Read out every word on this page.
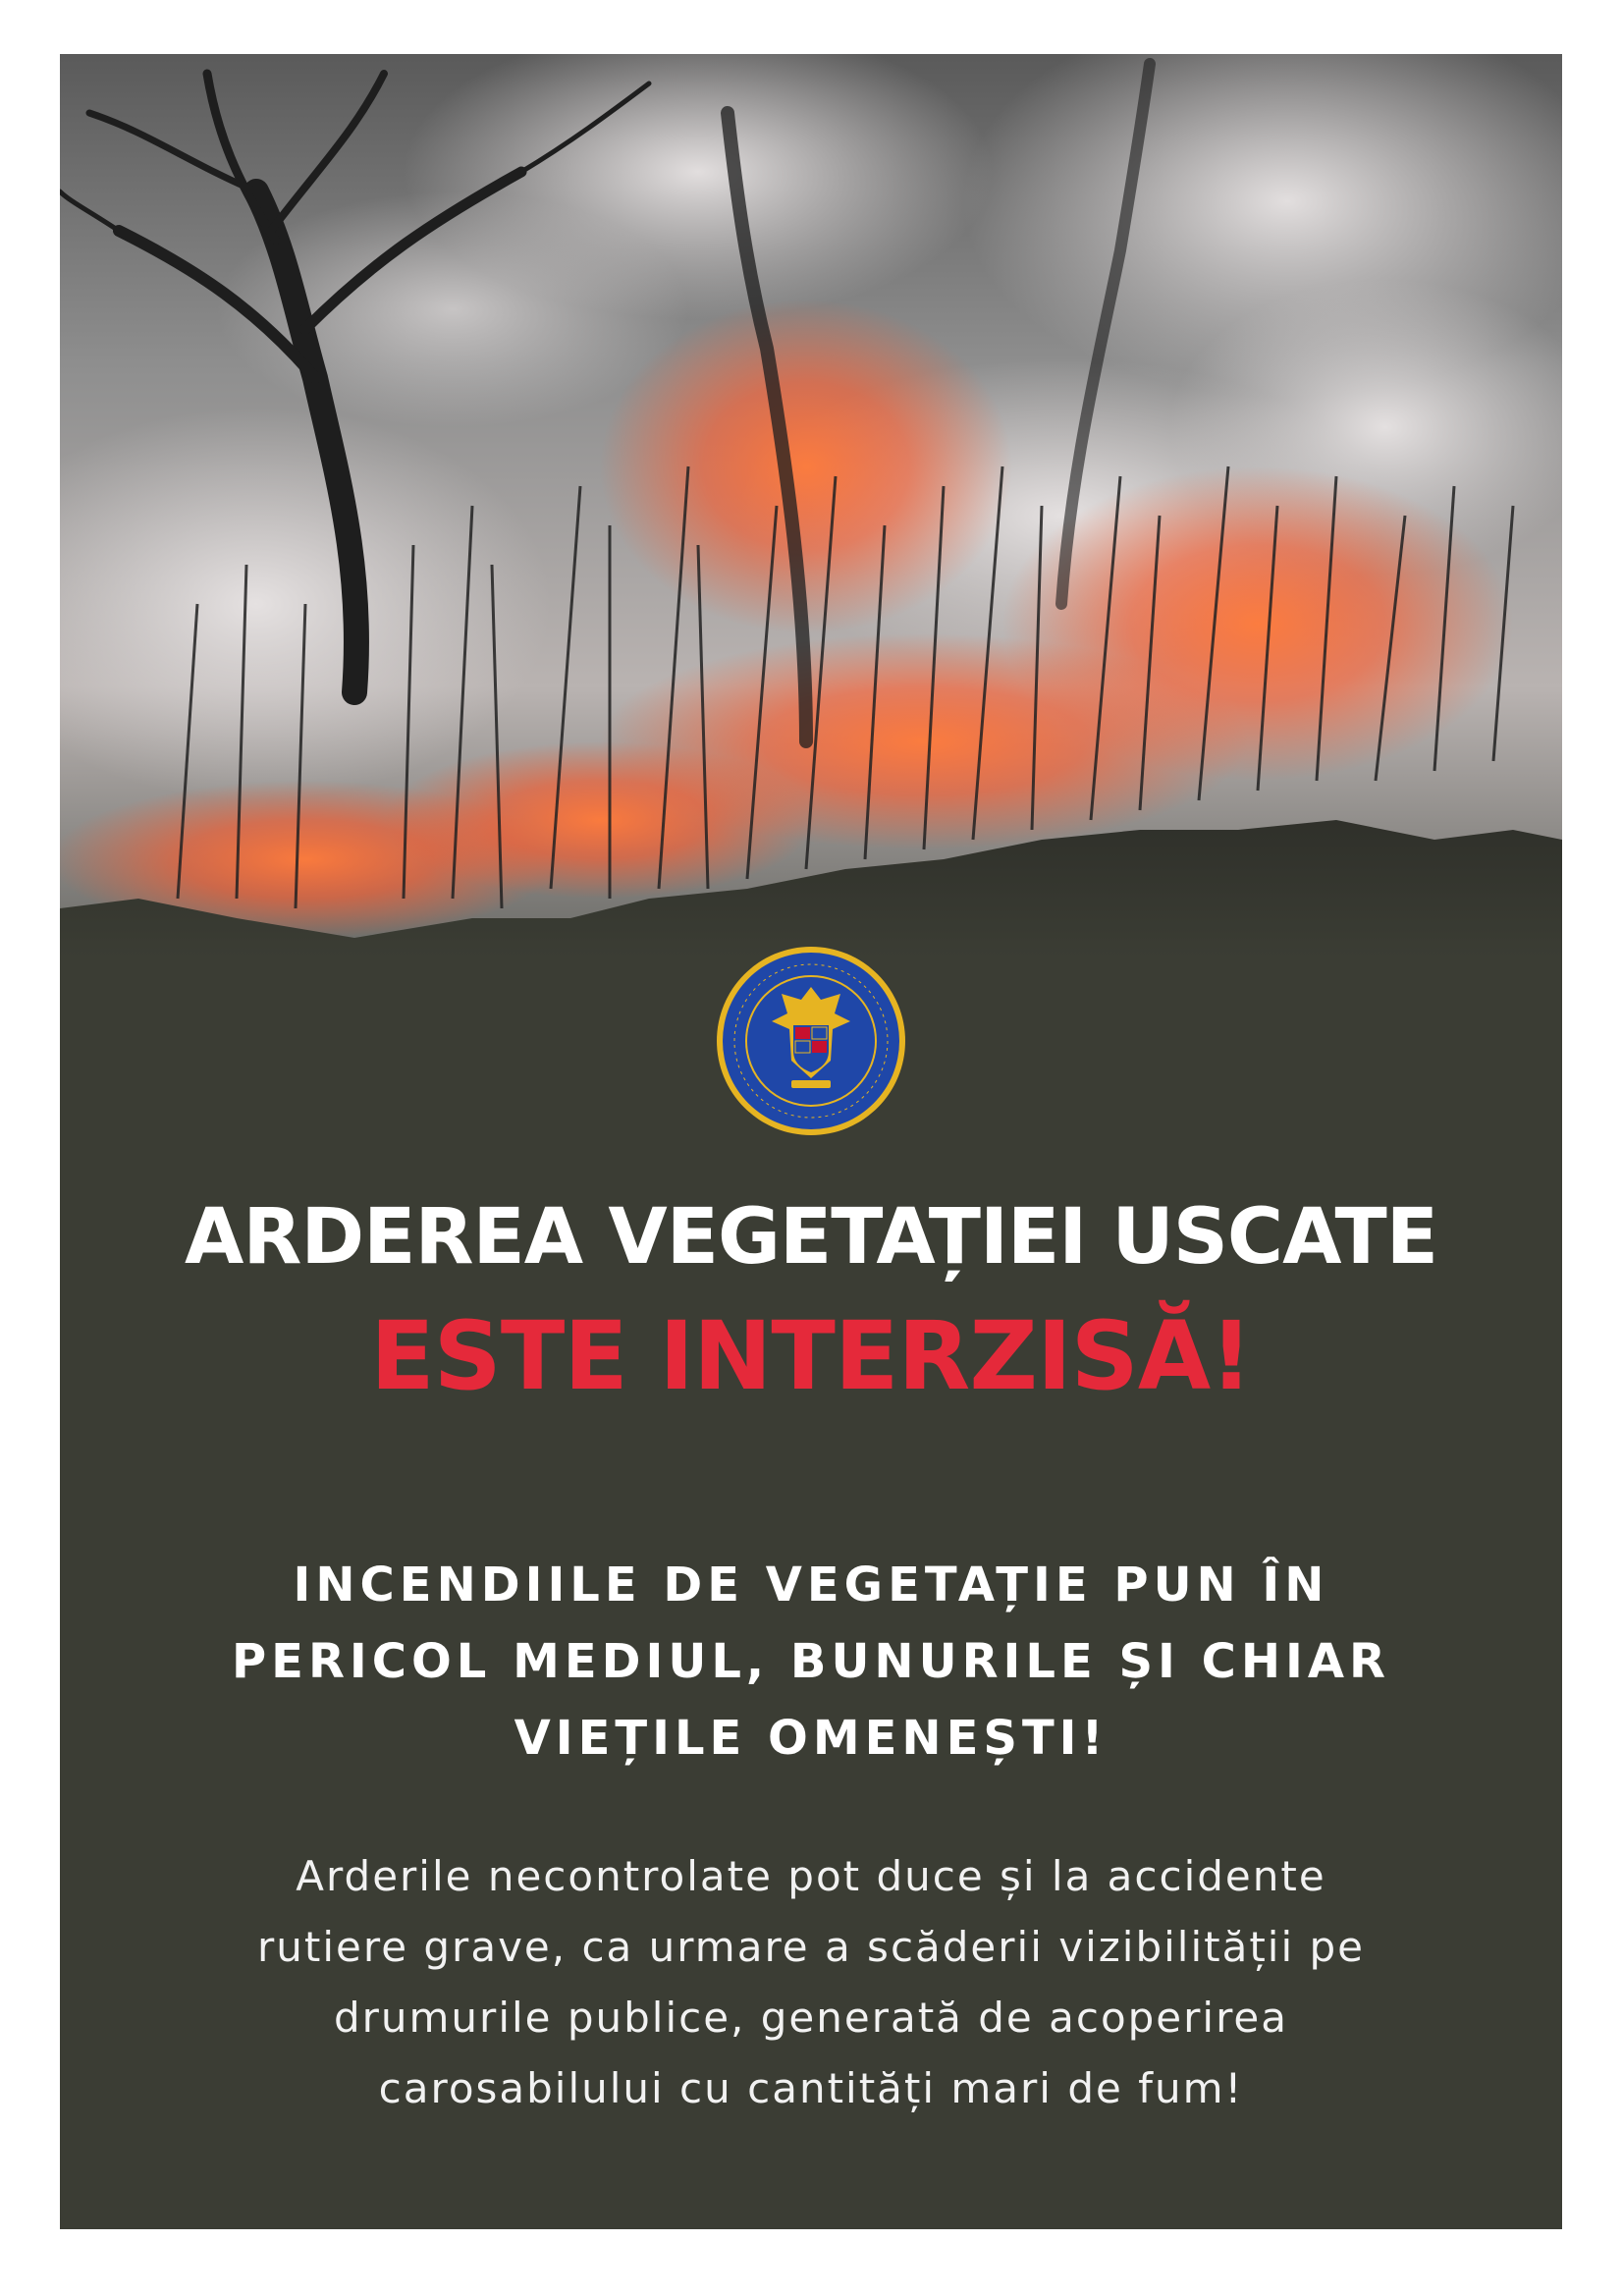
ARDEREA VEGETAȚIEI USCATE
ESTE INTERZISĂ!
INCENDIILE DE VEGETAȚIE PUN ÎN
PERICOL MEDIUL, BUNURILE ȘI CHIAR
VIEȚILE OMENEȘTI!
Arderile necontrolate pot duce și la accidente
rutiere grave, ca urmare a scăderii vizibilității pe
drumurile publice, generată de acoperirea
carosabilului cu cantități mari de fum!
